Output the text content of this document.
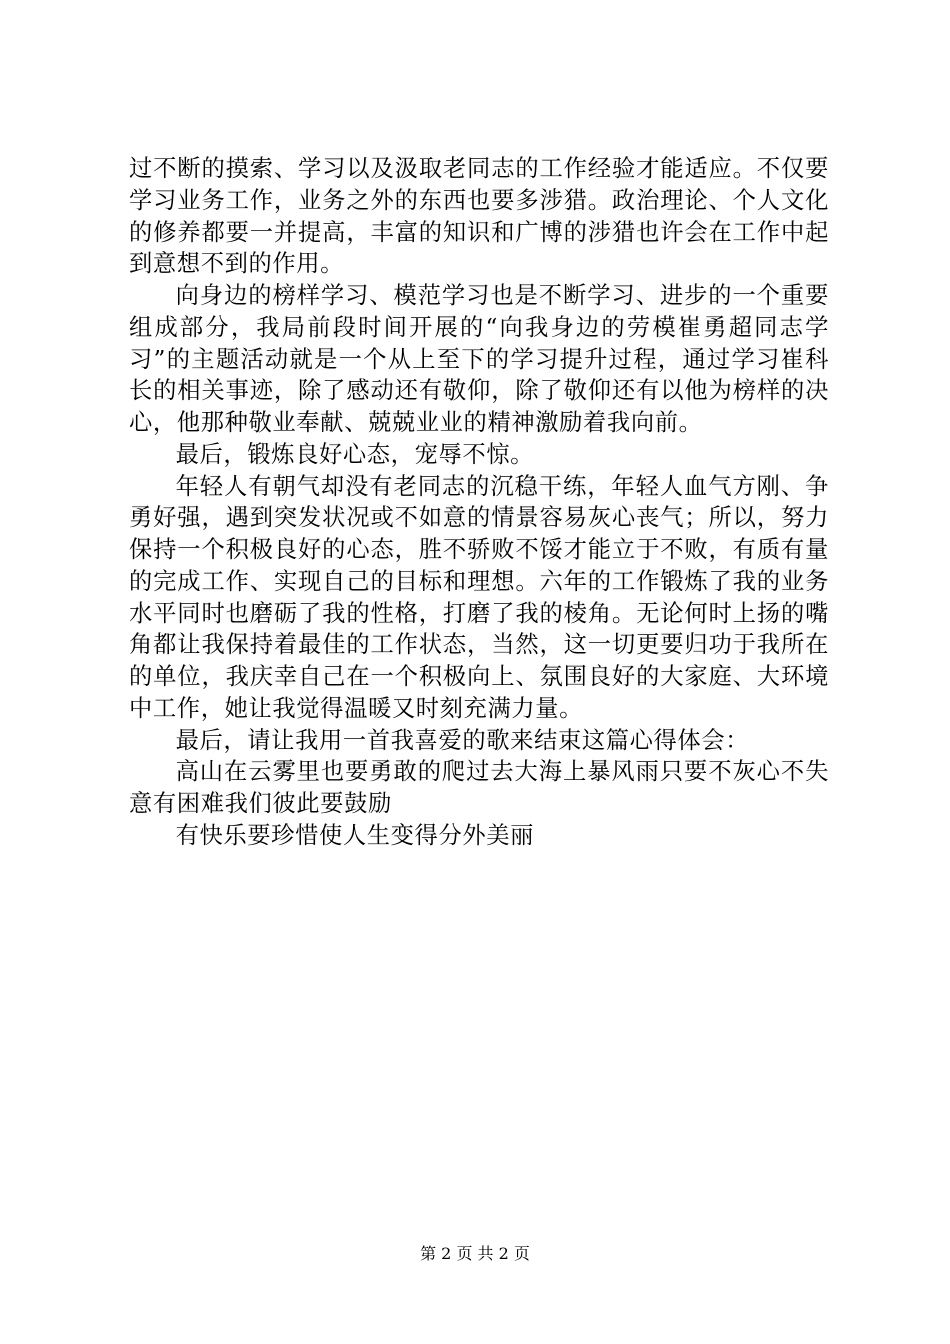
过不断的摸索、学习以及汲取老同志的工作经验才能适应。不仅要学习业务工作，业务之外的东西也要多涉猎。政治理论、个人文化的修养都要一并提高，丰富的知识和广博的涉猎也许会在工作中起到意想不到的作用。

向身边的榜样学习、模范学习也是不断学习、进步的一个重要组成部分，我局前段时间开展的“向我身边的劳模崔勇超同志学习”的主题活动就是一个从上至下的学习提升过程，通过学习崔科长的相关事迹，除了感动还有敬仰，除了敬仰还有以他为榜样的决心，他那种敬业奉献、兢兢业业的精神激励着我向前。

最后，锻炼良好心态，宠辱不惊。

年轻人有朝气却没有老同志的沉稳干练，年轻人血气方刚、争勇好强，遇到突发状况或不如意的情景容易灰心丧气；所以，努力保持一个积极良好的心态，胜不骄败不馁才能立于不败，有质有量的完成工作、实现自己的目标和理想。六年的工作锻炼了我的业务水平同时也磨砺了我的性格，打磨了我的棱角。无论何时上扬的嘴角都让我保持着最佳的工作状态，当然，这一切更要归功于我所在的单位，我庆幸自己在一个积极向上、氛围良好的大家庭、大环境中工作，她让我觉得温暖又时刻充满力量。

最后，请让我用一首我喜爱的歌来结束这篇心得体会：

高山在云雾里也要勇敢的爬过去大海上暴风雨只要不灰心不失意有困难我们彼此要鼓励

有快乐要珍惜使人生变得分外美丽

第 2 页 共 2 页
